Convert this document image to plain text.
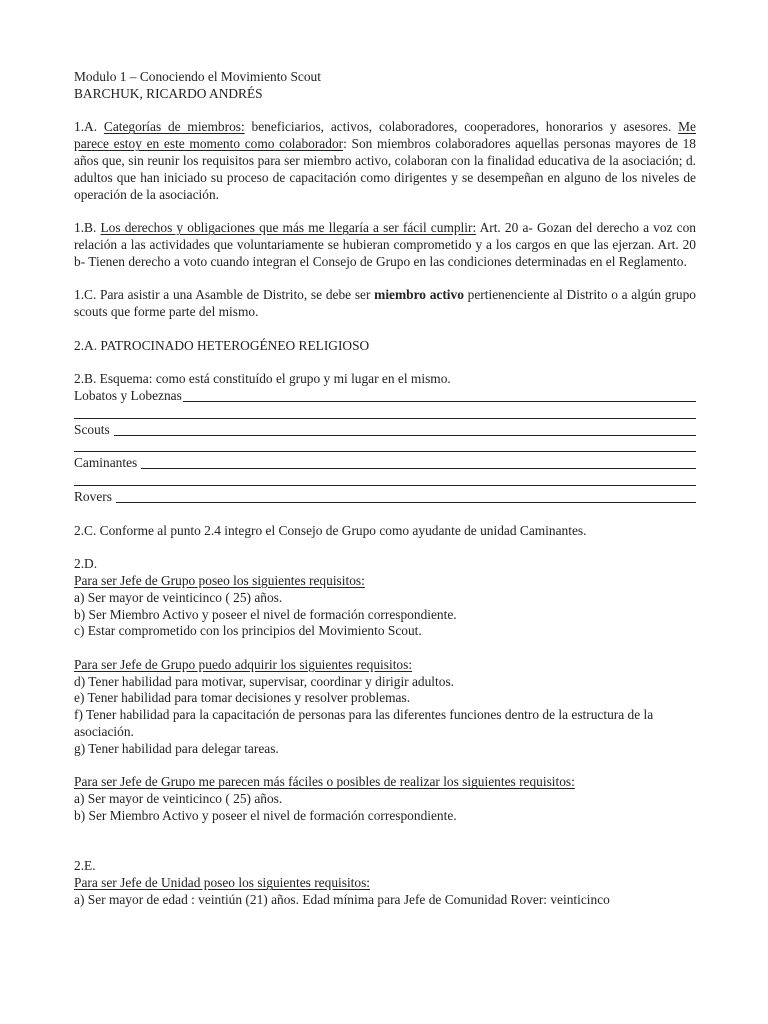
Modulo 1 – Conociendo el Movimiento Scout
BARCHUK, RICARDO ANDRÉS
1.A. Categorías de miembros: beneficiarios, activos, colaboradores, cooperadores, honorarios y asesores. Me parece estoy en este momento como colaborador: Son miembros colaboradores aquellas personas mayores de 18 años que, sin reunir los requisitos para ser miembro activo, colaboran con la finalidad educativa de la asociación; d. adultos que han iniciado su proceso de capacitación como dirigentes y se desempeñan en alguno de los niveles de operación de la asociación.
1.B. Los derechos y obligaciones que más me llegaría a ser fácil cumplir: Art. 20 a- Gozan del derecho a voz con relación a las actividades que voluntariamente se hubieran comprometido y a los cargos en que las ejerzan. Art. 20 b- Tienen derecho a voto cuando integran el Consejo de Grupo en las condiciones determinadas en el Reglamento.
1.C. Para asistir a una Asamble de Distrito, se debe ser miembro activo pertienenciente al Distrito o a algún grupo scouts que forme parte del mismo.
2.A. PATROCINADO HETEROGÉNEO RELIGIOSO
2.B. Esquema: como está constituído el grupo y mi lugar en el mismo.
Lobatos y Lobeznas
Scouts
Caminantes
Rovers
2.C. Conforme al punto 2.4 integro el Consejo de Grupo como ayudante de unidad Caminantes.
2.D.
Para ser Jefe de Grupo poseo los siguientes requisitos:
a) Ser mayor de veinticinco ( 25) años.
b) Ser Miembro Activo y poseer el nivel de formación correspondiente.
c) Estar comprometido con los principios del Movimiento Scout.
Para ser Jefe de Grupo puedo adquirir los siguientes requisitos:
d) Tener habilidad para motivar, supervisar, coordinar y dirigir adultos.
e) Tener habilidad para tomar decisiones y resolver problemas.
f) Tener habilidad para la capacitación de personas para las diferentes funciones dentro de la estructura de la asociación.
g) Tener habilidad para delegar tareas.
Para ser Jefe de Grupo me parecen más fáciles o posibles de realizar los siguientes requisitos:
a) Ser mayor de veinticinco ( 25) años.
b) Ser Miembro Activo y poseer el nivel de formación correspondiente.
2.E.
Para ser Jefe de Unidad poseo los siguientes requisitos:
a) Ser mayor de edad : veintiún (21) años. Edad mínima para Jefe de Comunidad Rover: veinticinco
